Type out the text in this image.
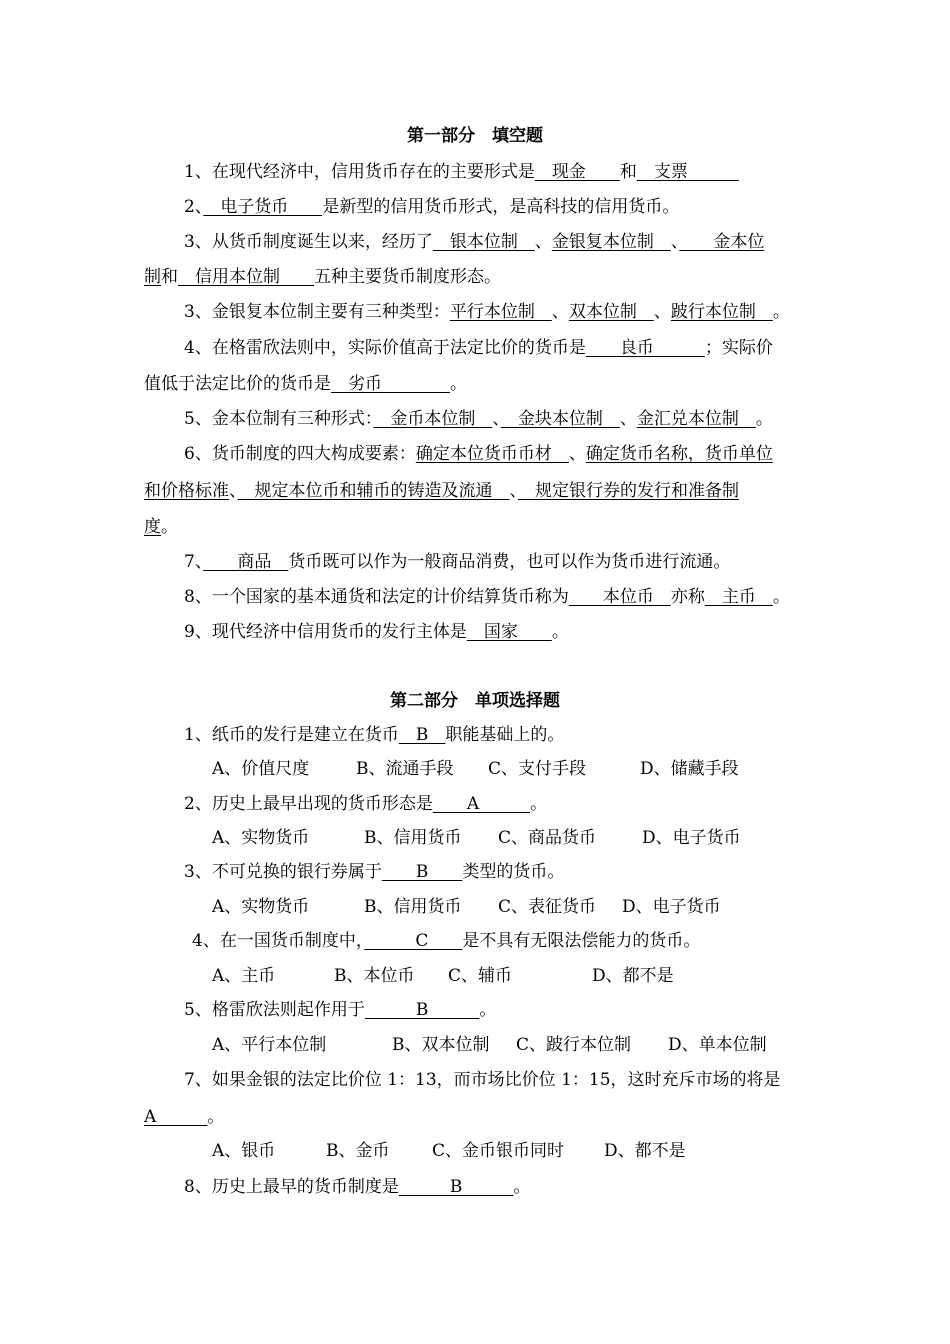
第一部分　填空题
1、在现代经济中，信用货币存在的主要形式是　现金　　和　支票　　　
2、　电子货币　　是新型的信用货币形式，是高科技的信用货币。
3、从货币制度诞生以来，经历了　银本位制　、金银复本位制　、　　金本位
制和　信用本位制　　五种主要货币制度形态。
3、金银复本位制主要有三种类型：平行本位制　、双本位制　、跛行本位制　。
4、在格雷欣法则中，实际价值高于法定比价的货币是　　良币　　　；实际价
值低于法定比价的货币是　劣币　　　　。
5、金本位制有三种形式：　金币本位制　、　金块本位制　、金汇兑本位制　。
6、货币制度的四大构成要素：确定本位货币币材　、确定货币名称，货币单位
和价格标准、　规定本位币和辅币的铸造及流通　、　规定银行券的发行和准备制
度。
7、　　商品　货币既可以作为一般商品消费，也可以作为货币进行流通。
8、一个国家的基本通货和法定的计价结算货币称为　　本位币　亦称　主币　。
9、现代经济中信用货币的发行主体是　国家　　。
第二部分　单项选择题
1、纸币的发行是建立在货币　B　职能基础上的。
A、价值尺度	B、流通手段 C、支付手段	D、储藏手段
2、历史上最早出现的货币形态是　　A　　　。
A、实物货币	B、信用货币 C、商品货币	D、电子货币
3、不可兑换的银行券属于　　B　　类型的货币。
A、实物货币	B、信用货币 C、表征货币 D、电子货币
4、在一国货币制度中，　　　C　　是不具有无限法偿能力的货币。
A、主币	B、本位币 C、辅币	D、都不是
5、格雷欣法则起作用于　　　B　　　。
A、平行本位制	B、双本位制 C、跛行本位制 D、单本位制
7、如果金银的法定比价位 1：13，而市场比价位 1：15，这时充斥市场的将是
A　　　。
A、银币	B、金币	C、金币银币同时 D、都不是
8、历史上最早的货币制度是　　　B　　　。
